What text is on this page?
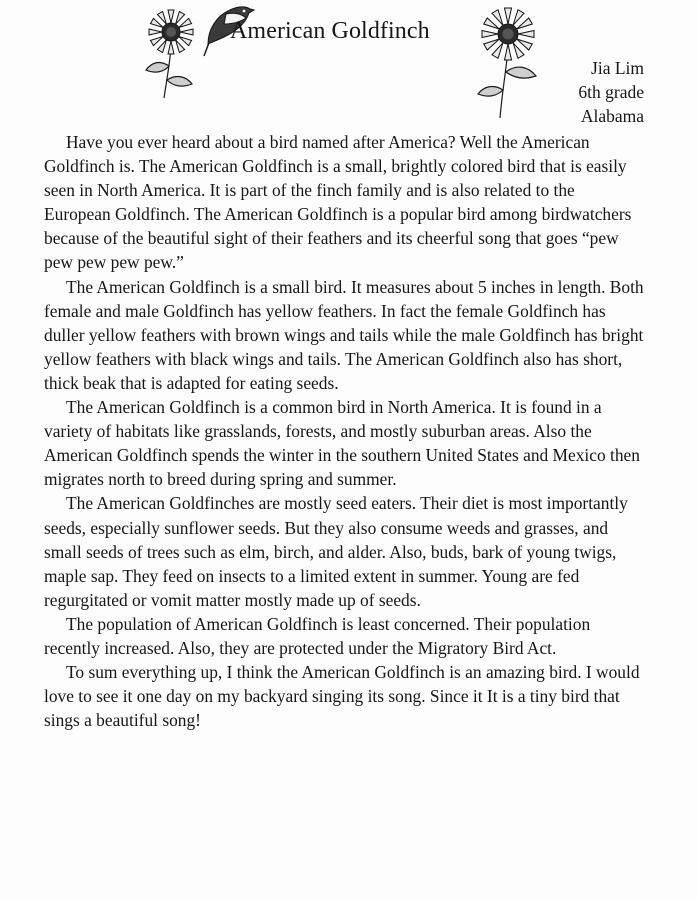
American Goldfinch
Jia Lim
6th grade
Alabama

Have you ever heard about a bird named after America? Well the American Goldfinch is. The American Goldfinch is a small, brightly colored bird that is easily seen in North America. It is part of the finch family and is also related to the European Goldfinch. The American Goldfinch is a popular bird among birdwatchers because of the beautiful sight of their feathers and its cheerful song that goes “pew pew pew pew pew.”

The American Goldfinch is a small bird. It measures about 5 inches in length. Both female and male Goldfinch has yellow feathers. In fact the female Goldfinch has duller yellow feathers with brown wings and tails while the male Goldfinch has bright yellow feathers with black wings and tails. The American Goldfinch also has short, thick beak that is adapted for eating seeds.

The American Goldfinch is a common bird in North America. It is found in a variety of habitats like grasslands, forests, and mostly suburban areas. Also the American Goldfinch spends the winter in the southern United States and Mexico then migrates north to breed during spring and summer.

The American Goldfinches are mostly seed eaters. Their diet is most importantly seeds, especially sunflower seeds. But they also consume weeds and grasses, and small seeds of trees such as elm, birch, and alder. Also, buds, bark of young twigs, maple sap. They feed on insects to a limited extent in summer. Young are fed regurgitated or vomit matter mostly made up of seeds.

The population of American Goldfinch is least concerned. Their population recently increased. Also, they are protected under the Migratory Bird Act.

To sum everything up, I think the American Goldfinch is an amazing bird. I would love to see it one day on my backyard singing its song. Since it It is a tiny bird that sings a beautiful song!
